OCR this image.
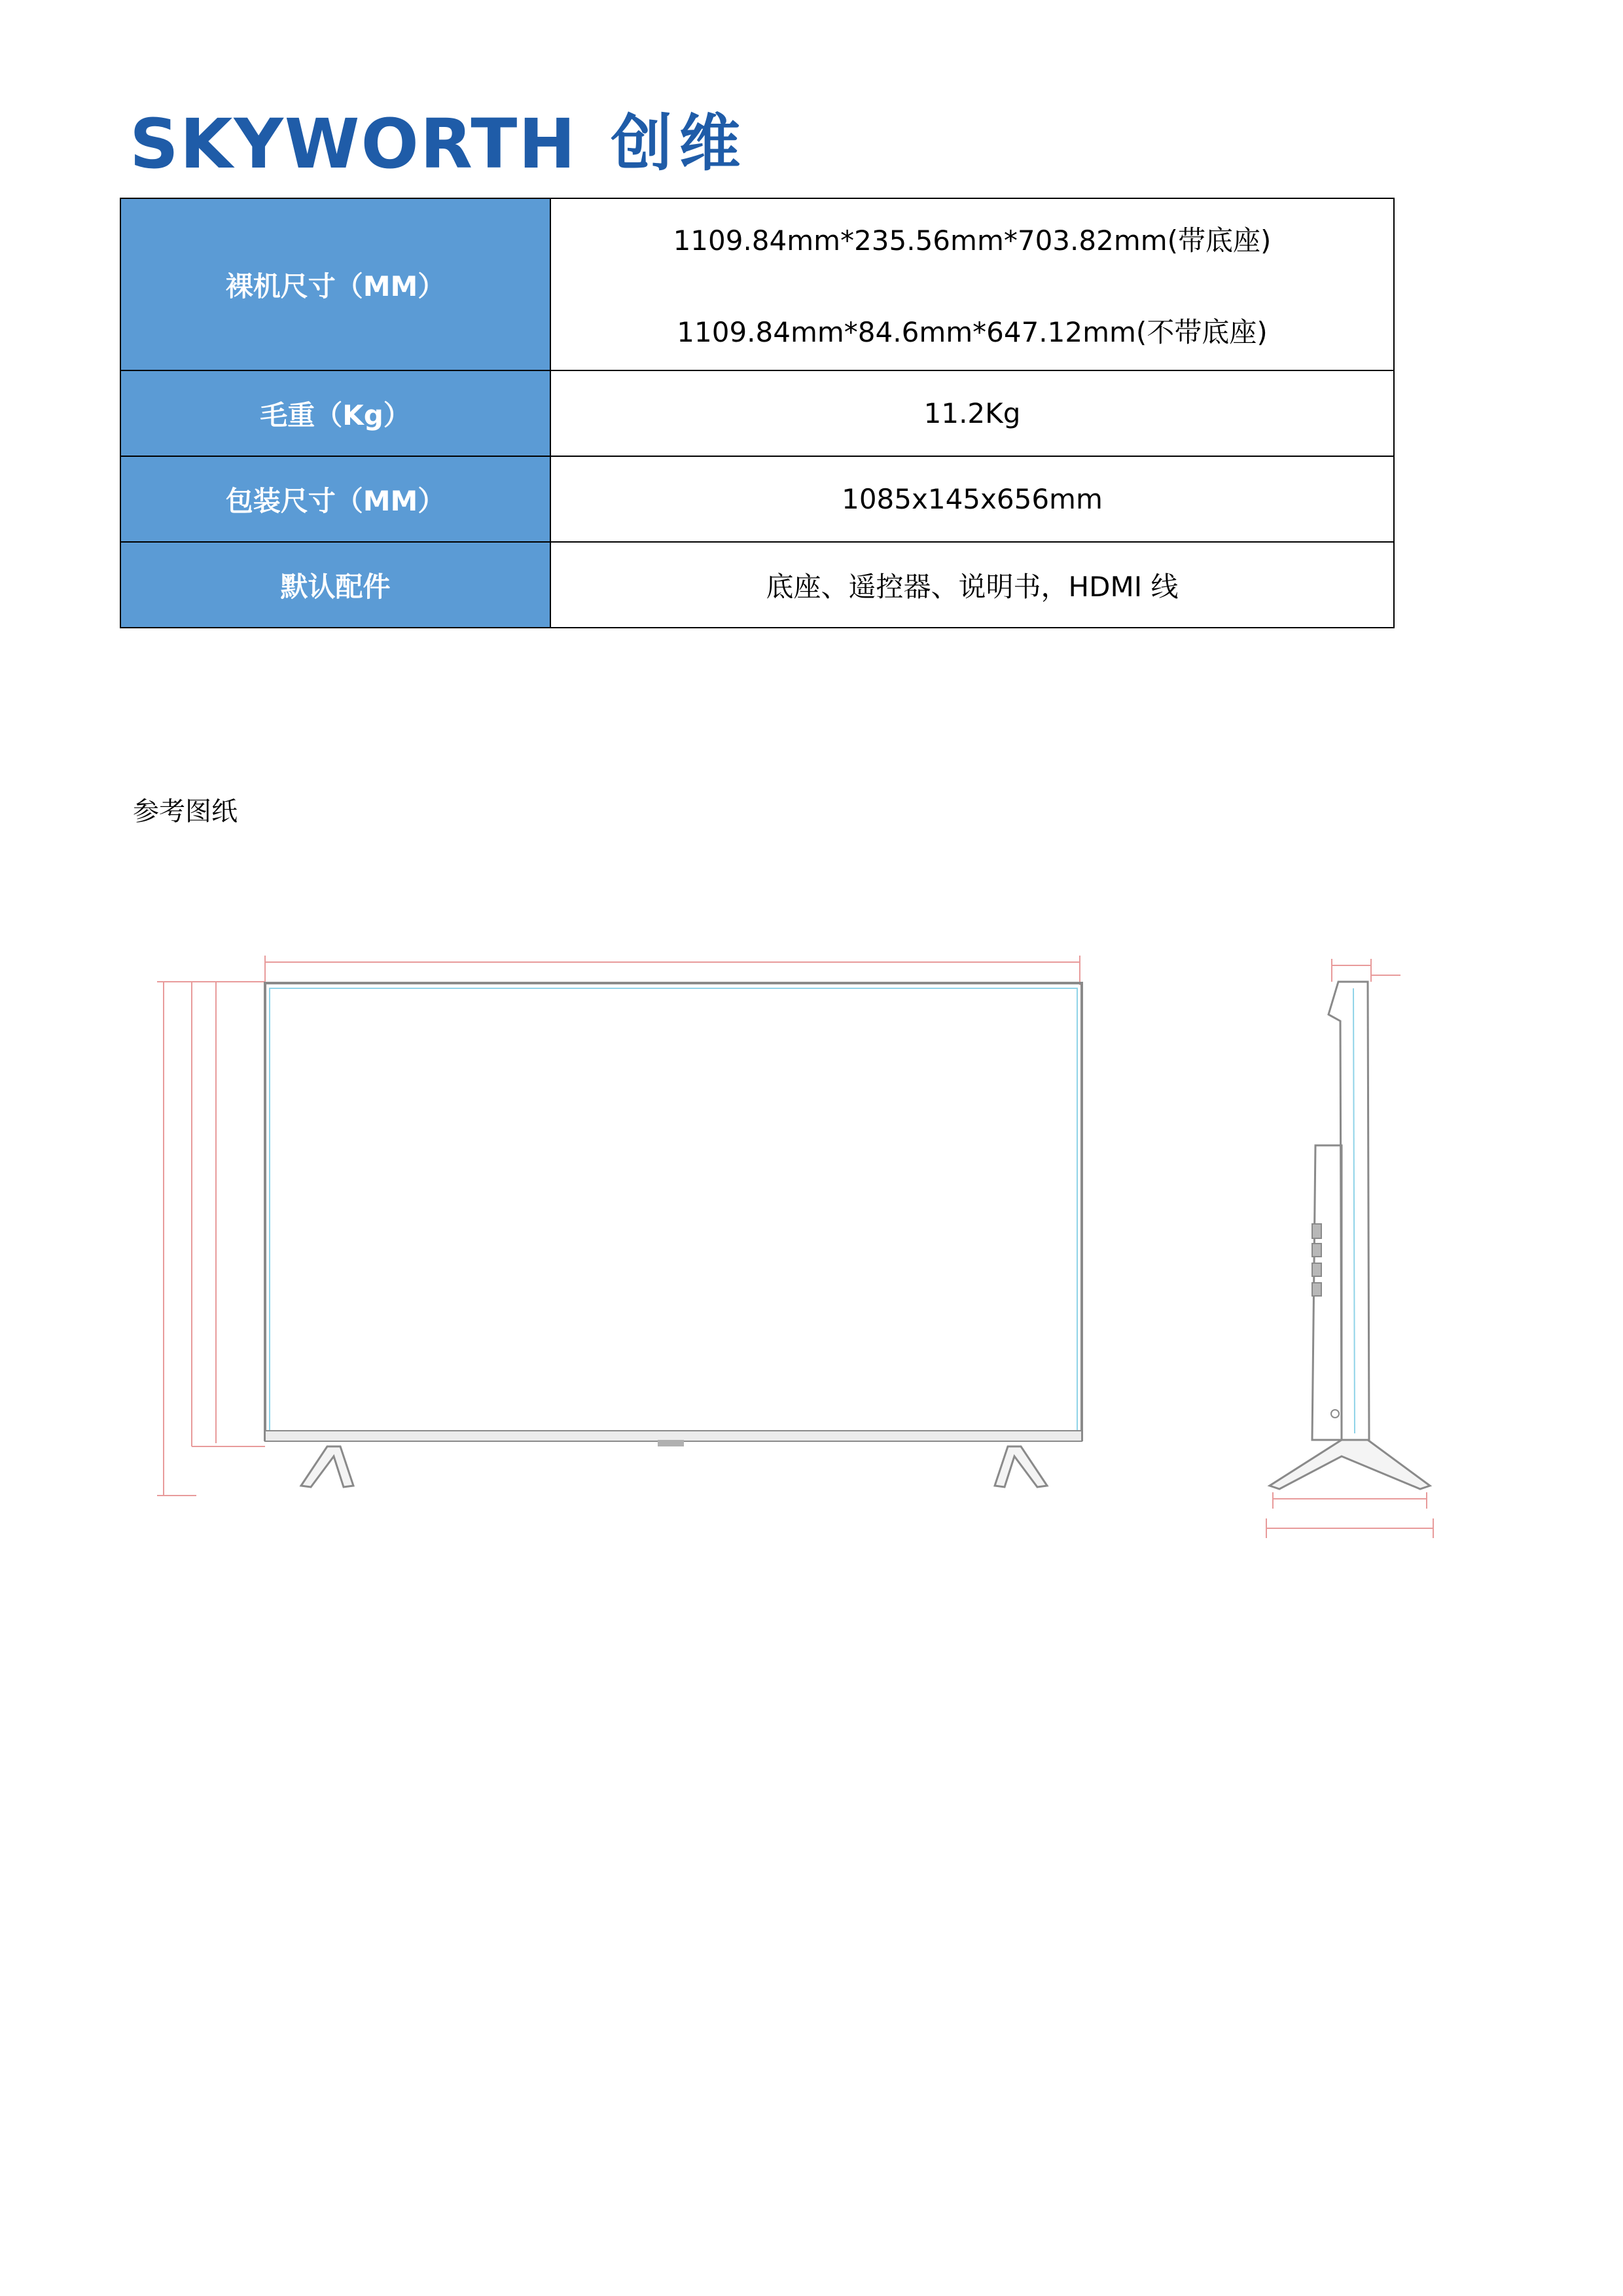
SKYWORTH 创维
裸机尺寸（MM）	1109.84mm*235.56mm*703.82mm(带底座)
1109.84mm*84.6mm*647.12mm(不带底座)

毛重（Kg）	11.2Kg
包装尺寸（MM）	1085x145x656mm
默认配件	底座、遥控器、说明书，HDMI 线
参考图纸
